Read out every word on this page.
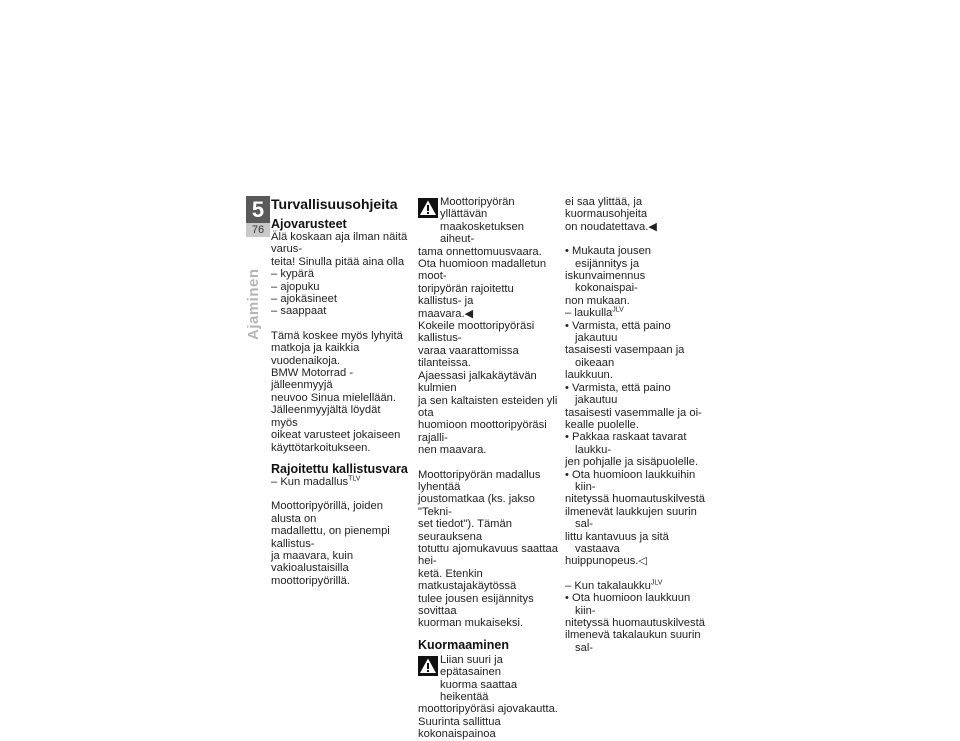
5
76
Ajaminen
Turvallisuusohjeita
Ajovarusteet

Älä koskaan aja ilman näitä varus-

teita! Sinulla pitää aina olla

– kypärä

– ajopuku

– ajokäsineet

– saappaat

Tämä koskee myös lyhyitä

matkoja ja kaikkia vuodenaikoja.

BMW Motorrad -jälleenmyyjä

neuvoo Sinua mielellään.

Jälleenmyyjältä löydät myös

oikeat varusteet jokaiseen

käyttötarkoitukseen.

Rajoitettu kallistusvara

– Kun madallus$^{TLV}$

Moottoripyörillä, joiden alusta on

madallettu, on pienempi kallistus-

ja maavara, kuin vakioalustaisilla

moottoripyörillä.

Moottoripyörän yllättävän

maakosketuksen aiheut-

tama onnettomuusvaara.

Ota huomioon madalletun moot-

toripyörän rajoitettu kallistus- ja

maavara.◀

Kokeile moottoripyöräsi kallistus-

varaa vaarattomissa tilanteissa.

Ajaessasi jalkakäytävän kulmien

ja sen kaltaisten esteiden yli ota

huomioon moottoripyöräsi rajalli-

nen maavara.

Moottoripyörän madallus lyhentää

joustomatkaa (ks. jakso "Tekni-

set tiedot"). Tämän seurauksena

totuttu ajomukavuus saattaa hei-

ketä. Etenkin matkustajakäytössä

tulee jousen esijännitys sovittaa

kuorman mukaiseksi.

Kuormaaminen

Liian suuri ja epätasainen

kuorma saattaa heikentää

moottoripyöräsi ajovakautta.

Suurinta sallittua kokonaispainoa

ei saa ylittää, ja kuormausohjeita

on noudatettava.◀

• Mukauta jousen esijännitys ja

iskunvaimennus kokonaispai-

non mukaan.

– laukulla$^{JLV}$

• Varmista, että paino jakautuu

tasaisesti vasempaan ja oikeaan

laukkuun.

• Varmista, että paino jakautuu

tasaisesti vasemmalle ja oi-

kealle puolelle.

• Pakkaa raskaat tavarat laukku-

jen pohjalle ja sisäpuolelle.

• Ota huomioon laukkuihin kiin-

nitetyssä huomautuskilvestä

ilmenevät laukkujen suurin sal-

littu kantavuus ja sitä vastaava

huippunopeus.◁

– Kun takalaukku$^{JLV}$

• Ota huomioon laukkuun kiin-

nitetyssä huomautuskilvestä

ilmenevä takalaukun suurin sal-
